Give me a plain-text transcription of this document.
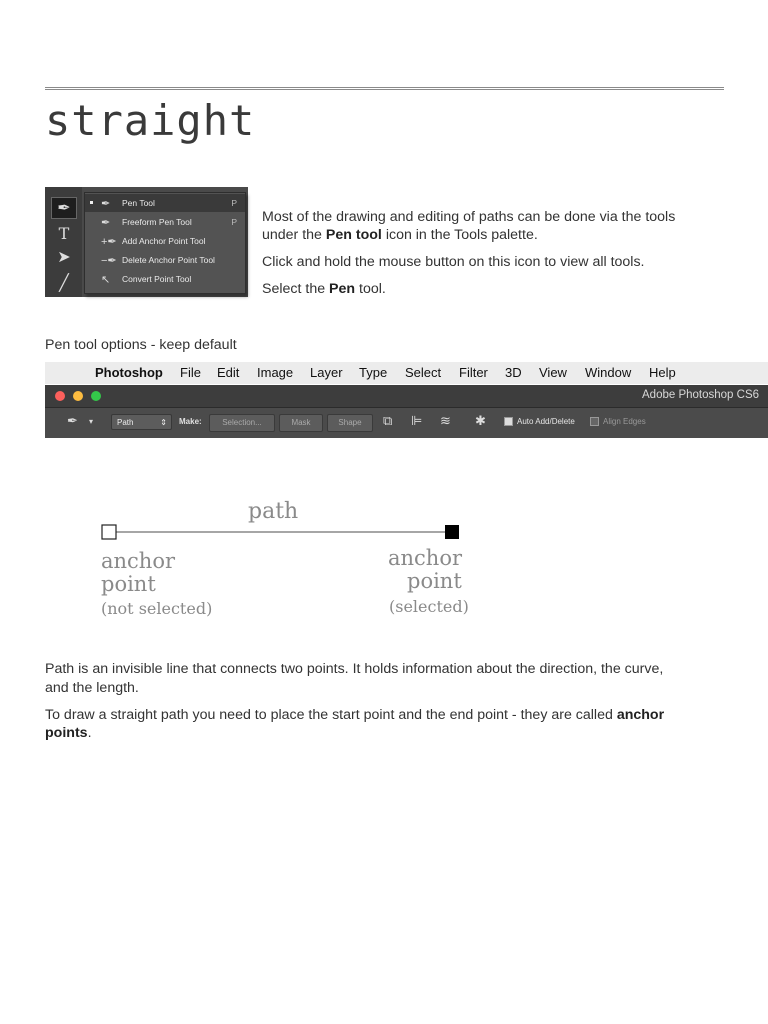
straight
✒
T
➤
╱
✒	Pen Tool	P
✒	Freeform Pen Tool	P
+✒ Add Anchor Point Tool
−✒ Delete Anchor Point Tool
↖	Convert Point Tool
Most of the drawing and editing of paths can be done via the tools
under the Pen tool icon in the Tools palette.
Click and hold the mouse button on this icon to view all tools.
Select the Pen tool.
Pen tool options - keep default
Photoshop File Edit Image Layer Type Select Filter 3D View Window Help
Adobe Photoshop CS6
✒ ▾	Path	⇕ Make:	Selection...	Mask	Shape	⧉ ⊫ ≋ ✱	Auto Add/Delete	Align Edges
path
anchor
point
(not selected)
anchor
point
(selected)
Path is an invisible line that connects two points. It holds information about the direction, the curve,
and the length.
To draw a straight path you need to place the start point and the end point - they are called anchor
points.
